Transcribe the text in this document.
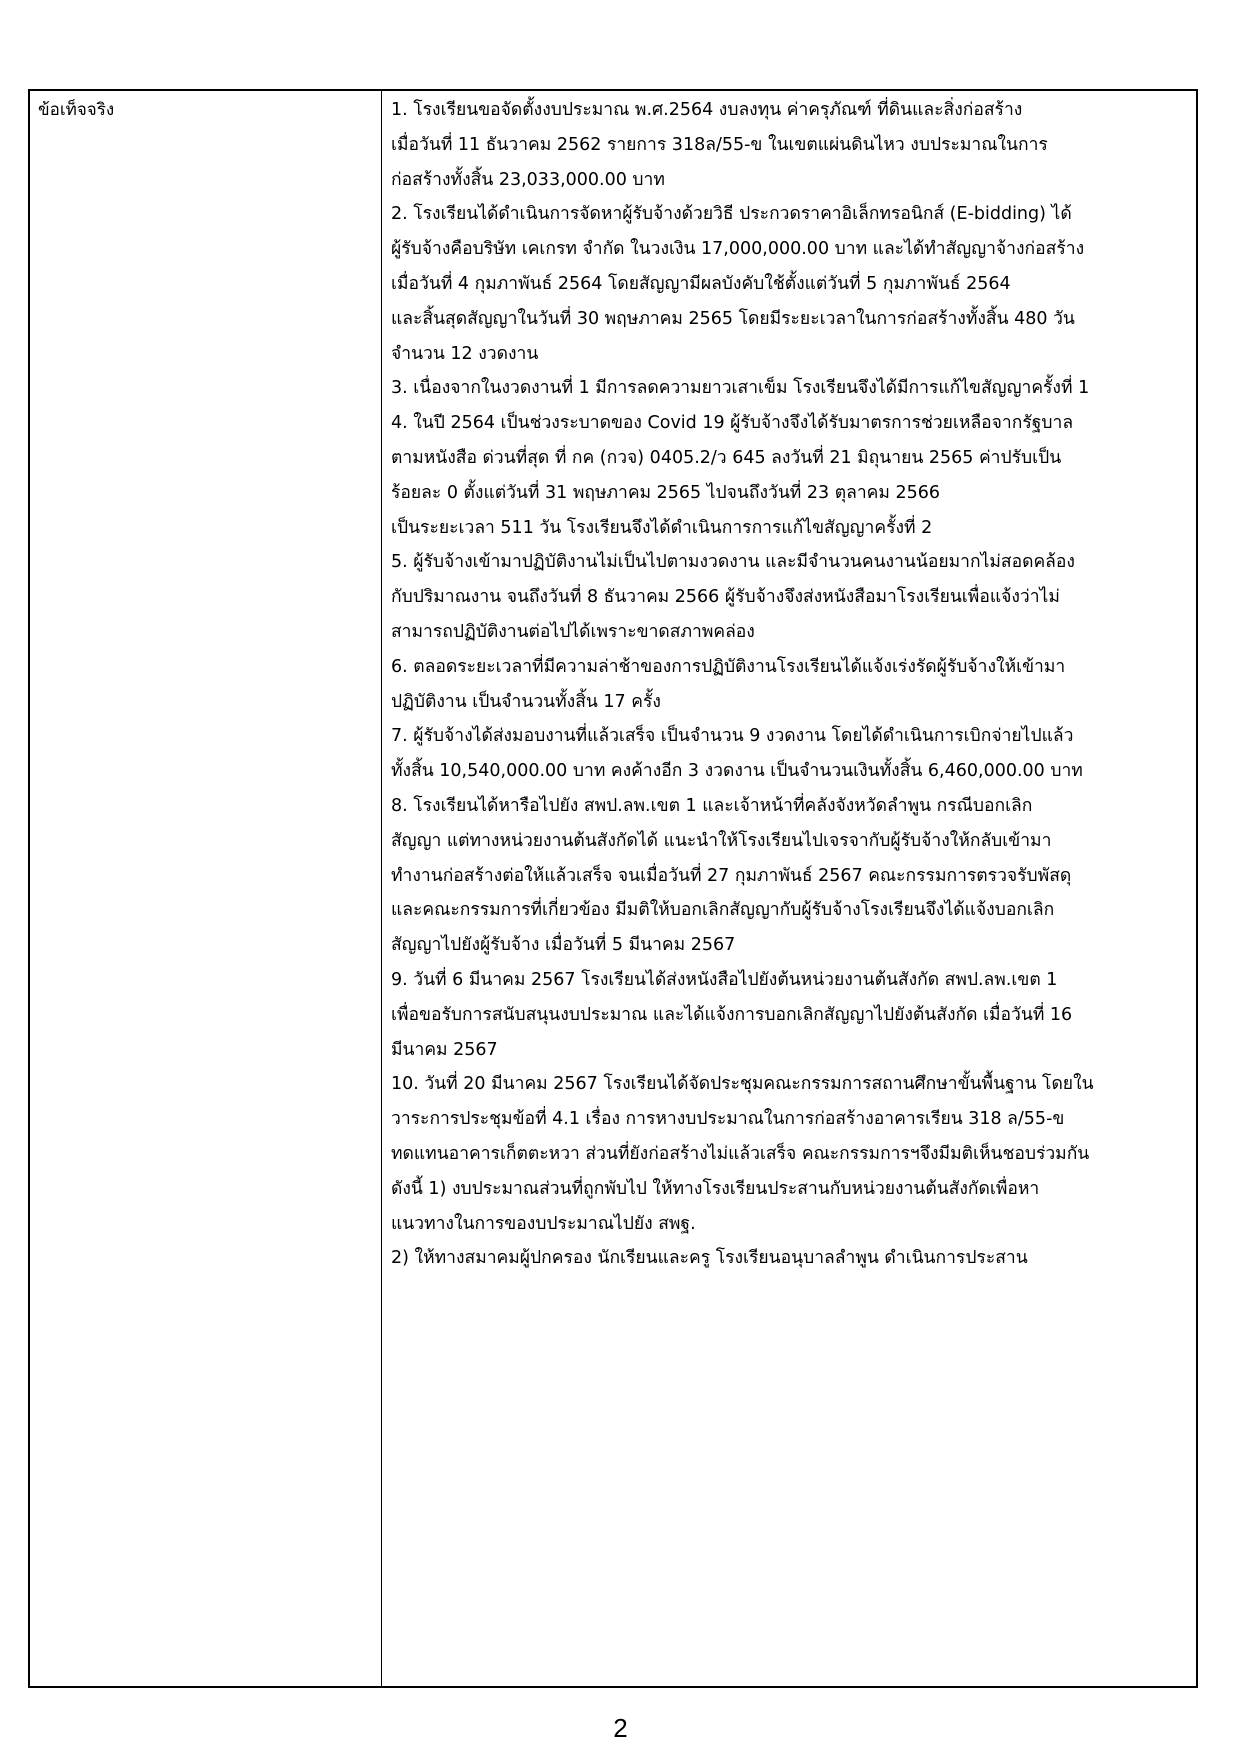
ข้อเท็จจริง	1. โรงเรียนขอจัดตั้งงบประมาณ พ.ศ.2564 งบลงทุน ค่าครุภัณฑ์ ที่ดินและสิ่งก่อสร้าง
เมื่อวันที่ 11 ธันวาคม 2562 รายการ 318ล/55-ข ในเขตแผ่นดินไหว งบประมาณในการ
ก่อสร้างทั้งสิ้น 23,033,000.00 บาท
2. โรงเรียนได้ดำเนินการจัดหาผู้รับจ้างด้วยวิธี ประกวดราคาอิเล็กทรอนิกส์ (E-bidding) ได้
ผู้รับจ้างคือบริษัท เคเกรท จำกัด ในวงเงิน 17,000,000.00 บาท และได้ทำสัญญาจ้างก่อสร้าง
เมื่อวันที่ 4 กุมภาพันธ์ 2564 โดยสัญญามีผลบังคับใช้ตั้งแต่วันที่ 5 กุมภาพันธ์ 2564
และสิ้นสุดสัญญาในวันที่ 30 พฤษภาคม 2565 โดยมีระยะเวลาในการก่อสร้างทั้งสิ้น 480 วัน
จำนวน 12 งวดงาน
3. เนื่องจากในงวดงานที่ 1 มีการลดความยาวเสาเข็ม โรงเรียนจึงได้มีการแก้ไขสัญญาครั้งที่ 1
4. ในปี 2564 เป็นช่วงระบาดของ Covid 19 ผู้รับจ้างจึงได้รับมาตรการช่วยเหลือจากรัฐบาล
ตามหนังสือ ด่วนที่สุด ที่ กค (กวจ) 0405.2/ว 645 ลงวันที่ 21 มิถุนายน 2565 ค่าปรับเป็น
ร้อยละ 0 ตั้งแต่วันที่ 31 พฤษภาคม 2565 ไปจนถึงวันที่ 23 ตุลาคม 2566
เป็นระยะเวลา 511 วัน โรงเรียนจึงได้ดำเนินการการแก้ไขสัญญาครั้งที่ 2
5. ผู้รับจ้างเข้ามาปฏิบัติงานไม่เป็นไปตามงวดงาน และมีจำนวนคนงานน้อยมากไม่สอดคล้อง
กับปริมาณงาน จนถึงวันที่ 8 ธันวาคม 2566 ผู้รับจ้างจึงส่งหนังสือมาโรงเรียนเพื่อแจ้งว่าไม่
สามารถปฏิบัติงานต่อไปได้เพราะขาดสภาพคล่อง
6. ตลอดระยะเวลาที่มีความล่าช้าของการปฏิบัติงานโรงเรียนได้แจ้งเร่งรัดผู้รับจ้างให้เข้ามา
ปฏิบัติงาน เป็นจำนวนทั้งสิ้น 17 ครั้ง
7. ผู้รับจ้างได้ส่งมอบงานที่แล้วเสร็จ เป็นจำนวน 9 งวดงาน โดยได้ดำเนินการเบิกจ่ายไปแล้ว
ทั้งสิ้น 10,540,000.00 บาท คงค้างอีก 3 งวดงาน เป็นจำนวนเงินทั้งสิ้น 6,460,000.00 บาท
8. โรงเรียนได้หารือไปยัง สพป.ลพ.เขต 1 และเจ้าหน้าที่คลังจังหวัดลำพูน กรณีบอกเลิก
สัญญา แต่ทางหน่วยงานต้นสังกัดได้ แนะนำให้โรงเรียนไปเจรจากับผู้รับจ้างให้กลับเข้ามา
ทำงานก่อสร้างต่อให้แล้วเสร็จ จนเมื่อวันที่ 27 กุมภาพันธ์ 2567 คณะกรรมการตรวจรับพัสดุ
และคณะกรรมการที่เกี่ยวข้อง มีมติให้บอกเลิกสัญญากับผู้รับจ้างโรงเรียนจึงได้แจ้งบอกเลิก
สัญญาไปยังผู้รับจ้าง เมื่อวันที่ 5 มีนาคม 2567
9. วันที่ 6 มีนาคม 2567 โรงเรียนได้ส่งหนังสือไปยังต้นหน่วยงานต้นสังกัด สพป.ลพ.เขต 1
เพื่อขอรับการสนับสนุนงบประมาณ และได้แจ้งการบอกเลิกสัญญาไปยังต้นสังกัด เมื่อวันที่ 16
มีนาคม 2567
10. วันที่ 20 มีนาคม 2567 โรงเรียนได้จัดประชุมคณะกรรมการสถานศึกษาขั้นพื้นฐาน โดยใน
วาระการประชุมข้อที่ 4.1 เรื่อง การหางบประมาณในการก่อสร้างอาคารเรียน 318 ล/55-ข
ทดแทนอาคารเก็ตตะหวา ส่วนที่ยังก่อสร้างไม่แล้วเสร็จ คณะกรรมการฯจึงมีมติเห็นชอบร่วมกัน
ดังนี้ 1) งบประมาณส่วนที่ถูกพับไป ให้ทางโรงเรียนประสานกับหน่วยงานต้นสังกัดเพื่อหา
แนวทางในการของบประมาณไปยัง สพฐ.
2) ให้ทางสมาคมผู้ปกครอง นักเรียนและครู โรงเรียนอนุบาลลำพูน ดำเนินการประสาน
2
